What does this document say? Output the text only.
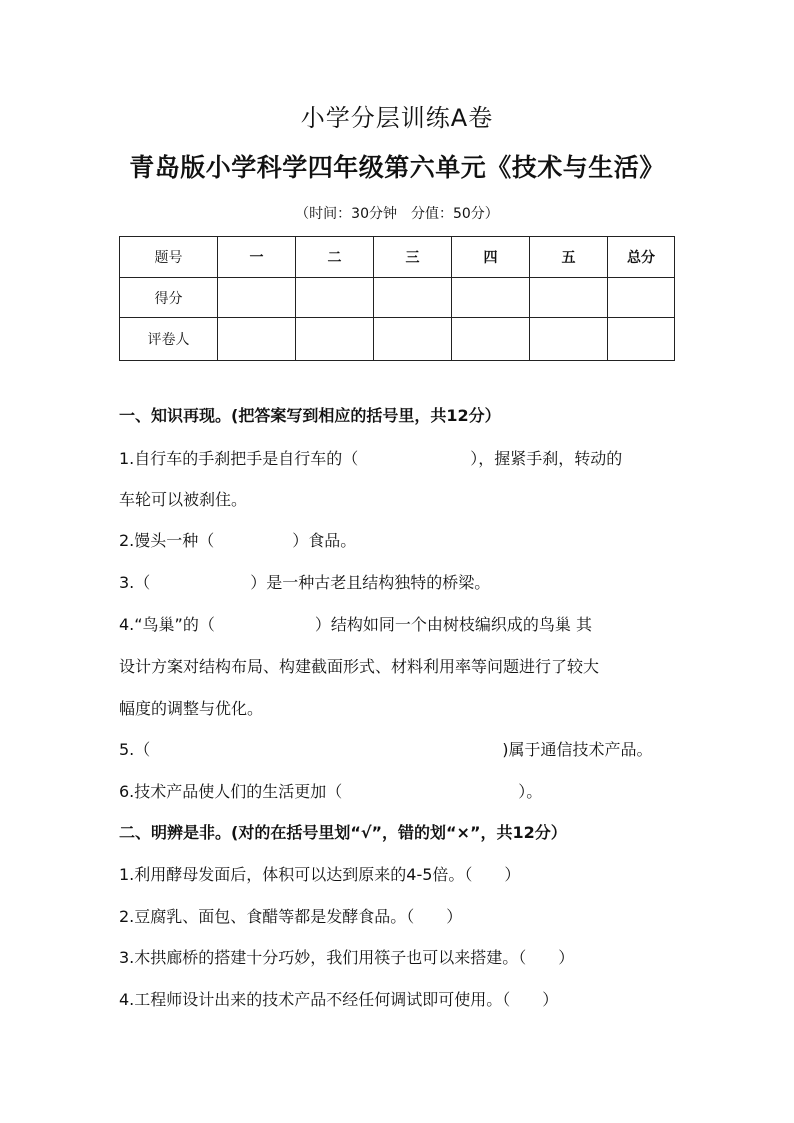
小学分层训练A卷
青岛版小学科学四年级第六单元《技术与生活》
（时间：30分钟　分值：50分）
题号	一	二	三	四	五	总分
得分						
评卷人						
一、知识再现。(把答案写到相应的括号里，共12分）
1.自行车的手刹把手是自行车的（	），握紧手刹，转动的
车轮可以被刹住。
2.馒头一种（	）食品。
3.（	）是一种古老且结构独特的桥梁。
4.“鸟巢”的（	）结构如同一个由树枝编织成的鸟巢 其
设计方案对结构布局、构建截面形式、材料利用率等问题进行了较大
幅度的调整与优化。
5.（	)属于通信技术产品。
6.技术产品使人们的生活更加（	）。
二、明辨是非。(对的在括号里划“√”，错的划“×”，共12分）
1.利用酵母发面后，体积可以达到原来的4-5倍。（　　）
2.豆腐乳、面包、食醋等都是发酵食品。（　　）
3.木拱廊桥的搭建十分巧妙，我们用筷子也可以来搭建。（　　）
4.工程师设计出来的技术产品不经任何调试即可使用。（　　）
